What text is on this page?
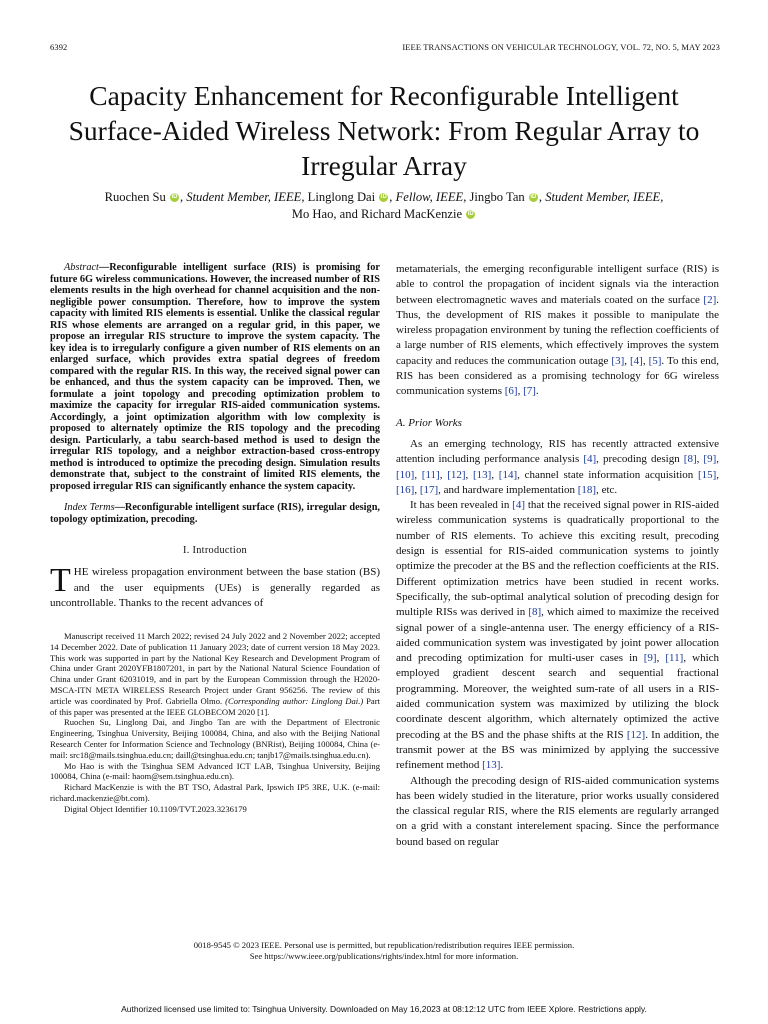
6392	IEEE TRANSACTIONS ON VEHICULAR TECHNOLOGY, VOL. 72, NO. 5, MAY 2023
Capacity Enhancement for Reconfigurable Intelligent Surface-Aided Wireless Network: From Regular Array to Irregular Array
Ruochen Su iD , Student Member, IEEE, Linglong Dai iD , Fellow, IEEE, Jingbo Tan iD , Student Member, IEEE,
Mo Hao, and Richard MacKenzie iD

Abstract—Reconfigurable intelligent surface (RIS) is promising for future 6G wireless communications. However, the increased number of RIS elements results in the high overhead for channel acquisition and the non-negligible power consumption. Therefore, how to improve the system capacity with limited RIS elements is essential. Unlike the classical regular RIS whose elements are arranged on a regular grid, in this paper, we propose an irregular RIS structure to improve the system capacity. The key idea is to irregularly configure a given number of RIS elements on an enlarged surface, which provides extra spatial degrees of freedom compared with the regular RIS. In this way, the received signal power can be enhanced, and thus the system capacity can be improved. Then, we formulate a joint topology and precoding optimization problem to maximize the capacity for irregular RIS-aided communication systems. Accordingly, a joint optimization algorithm with low complexity is proposed to alternately optimize the RIS topology and the precoding design. Particularly, a tabu search-based method is used to design the irregular RIS topology, and a neighbor extraction-based cross-entropy method is introduced to optimize the precoding design. Simulation results demonstrate that, subject to the constraint of limited RIS elements, the proposed irregular RIS can significantly enhance the system capacity.

Index Terms—Reconfigurable intelligent surface (RIS), irregular design, topology optimization, precoding.

I. Introduction

THE wireless propagation environment between the base station (BS) and the user equipments (UEs) is generally regarded as uncontrollable. Thanks to the recent advances of

Manuscript received 11 March 2022; revised 24 July 2022 and 2 November 2022; accepted 14 December 2022. Date of publication 11 January 2023; date of current version 18 May 2023. This work was supported in part by the National Key Research and Development Program of China under Grant 2020YFB1807201, in part by the National Natural Science Foundation of China under Grant 62031019, and in part by the European Commission through the H2020-MSCA-ITN META WIRELESS Research Project under Grant 956256. The review of this article was coordinated by Prof. Gabriella Olmo. (Corresponding author: Linglong Dai.) Part of this paper was presented at the IEEE GLOBECOM 2020 [1].

Ruochen Su, Linglong Dai, and Jingbo Tan are with the Department of Electronic Engineering, Tsinghua University, Beijing 100084, China, and also with the Beijing National Research Center for Information Science and Technology (BNRist), Beijing 100084, China (e-mail: src18@mails.tsinghua.edu.cn; daill@tsinghua.edu.cn; tanjb17@mails.tsinghua.edu.cn).

Mo Hao is with the Tsinghua SEM Advanced ICT LAB, Tsinghua University, Beijing 100084, China (e-mail: haom@sem.tsinghua.edu.cn).

Richard MacKenzie is with the BT TSO, Adastral Park, Ipswich IP5 3RE, U.K. (e-mail: richard.mackenzie@bt.com).

Digital Object Identifier 10.1109/TVT.2023.3236179

metamaterials, the emerging reconfigurable intelligent surface (RIS) is able to control the propagation of incident signals via the interaction between electromagnetic waves and materials coated on the surface [2]. Thus, the development of RIS makes it possible to manipulate the wireless propagation environment by tuning the reflection coefficients of a large number of RIS elements, which effectively improves the system capacity and reduces the communication outage [3], [4], [5]. To this end, RIS has been considered as a promising technology for 6G wireless communication systems [6], [7].

A. Prior Works

As an emerging technology, RIS has recently attracted extensive attention including performance analysis [4], precoding design [8], [9], [10], [11], [12], [13], [14], channel state information acquisition [15], [16], [17], and hardware implementation [18], etc.

It has been revealed in [4] that the received signal power in RIS-aided wireless communication systems is quadratically proportional to the number of RIS elements. To achieve this exciting result, precoding design is essential for RIS-aided communication systems to jointly optimize the precoder at the BS and the reflection coefficients at the RIS. Different optimization metrics have been studied in recent works. Specifically, the sub-optimal analytical solution of precoding design for multiple RISs was derived in [8], which aimed to maximize the received signal power of a single-antenna user. The energy efficiency of a RIS-aided communication system was investigated by joint power allocation and precoding optimization for multi-user cases in [9], [11], which employed gradient descent search and sequential fractional programming. Moreover, the weighted sum-rate of all users in a RIS-aided communication system was maximized by utilizing the block coordinate descent algorithm, which alternately optimized the active precoding at the BS and the phase shifts at the RIS [12]. In addition, the transmit power at the BS was minimized by applying the successive refinement method [13].

Although the precoding design of RIS-aided communication systems has been widely studied in the literature, prior works usually considered the classical regular RIS, where the RIS elements are regularly arranged on a grid with a constant interelement spacing. Since the performance bound based on regular

0018-9545 © 2023 IEEE. Personal use is permitted, but republication/redistribution requires IEEE permission.
See https://www.ieee.org/publications/rights/index.html for more information.
Authorized licensed use limited to: Tsinghua University. Downloaded on May 16,2023 at 08:12:12 UTC from IEEE Xplore. Restrictions apply.
